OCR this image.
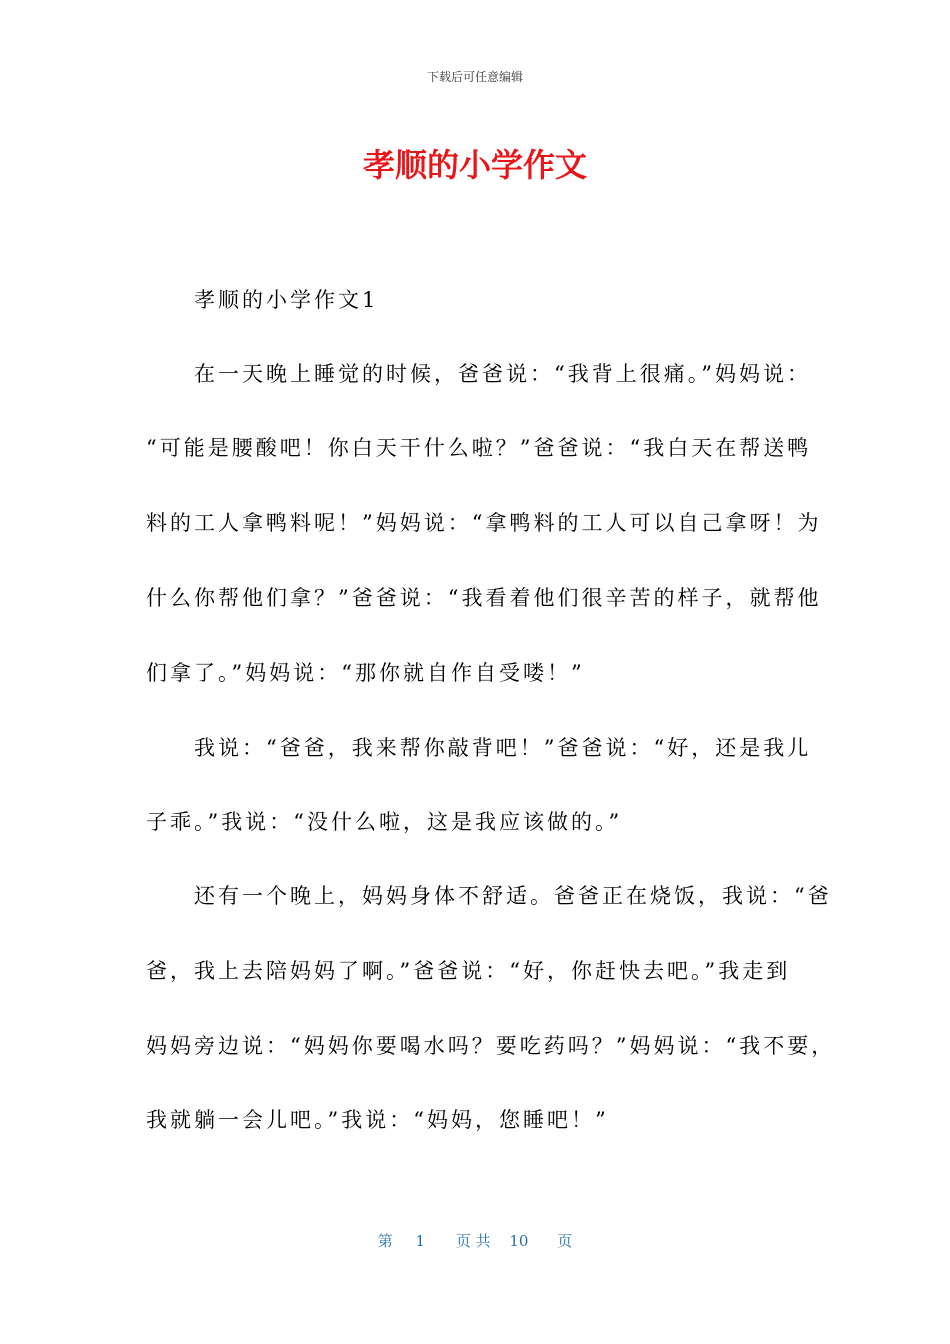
下载后可任意编辑
孝顺的小学作文
　　孝顺的小学作文1
　　在一天晚上睡觉的时候，爸爸说：“我背上很痛。”妈妈说：
“可能是腰酸吧！你白天干什么啦？”爸爸说：“我白天在帮送鸭
料的工人拿鸭料呢！”妈妈说：“拿鸭料的工人可以自己拿呀！为
什么你帮他们拿？”爸爸说：“我看着他们很辛苦的样子，就帮他
们拿了。”妈妈说：“那你就自作自受喽！”
　　我说：“爸爸，我来帮你敲背吧！”爸爸说：“好，还是我儿
子乖。”我说：“没什么啦，这是我应该做的。”
　　还有一个晚上，妈妈身体不舒适。爸爸正在烧饭，我说：“爸
爸，我上去陪妈妈了啊。”爸爸说：“好，你赶快去吧。”我走到
妈妈旁边说：“妈妈你要喝水吗？要吃药吗？”妈妈说：“我不要，
我就躺一会儿吧。”我说：“妈妈，您睡吧！”
第 1 页 共 10 页
